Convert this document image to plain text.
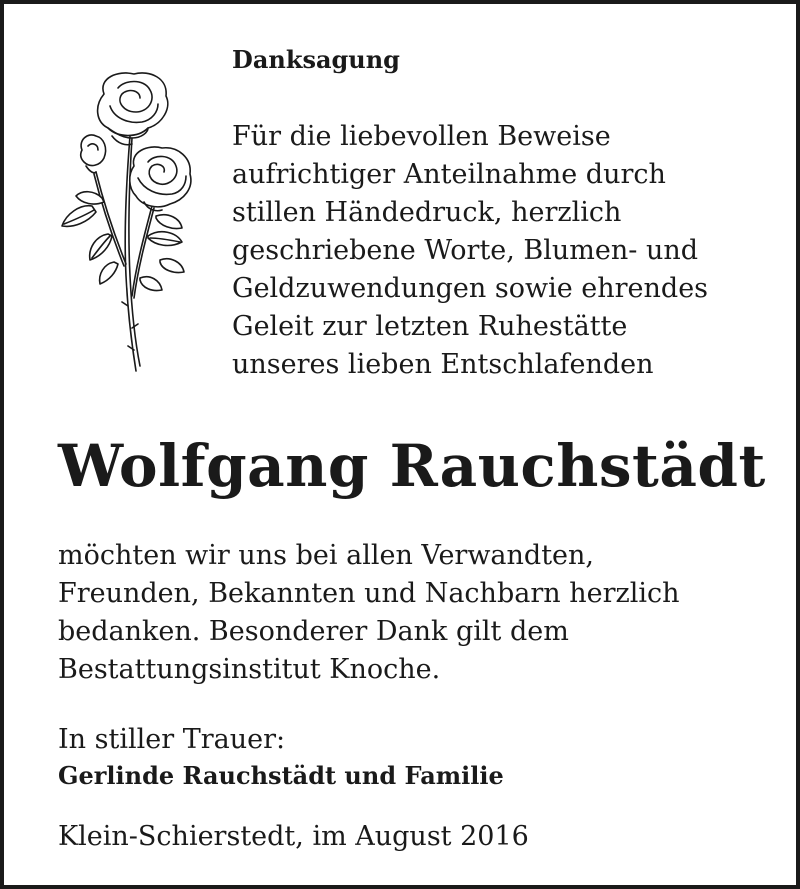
Danksagung
Für die liebevollen Beweise
aufrichtiger Anteilnahme durch
stillen Händedruck, herzlich
geschriebene Worte, Blumen- und
Geldzuwendungen sowie ehrendes
Geleit zur letzten Ruhestätte
unseres lieben Entschlafenden
Wolfgang Rauchstädt
möchten wir uns bei allen Verwandten,
Freunden, Bekannten und Nachbarn herzlich
bedanken. Besonderer Dank gilt dem
Bestattungsinstitut Knoche.
In stiller Trauer:
Gerlinde Rauchstädt und Familie
Klein-Schierstedt, im August 2016
